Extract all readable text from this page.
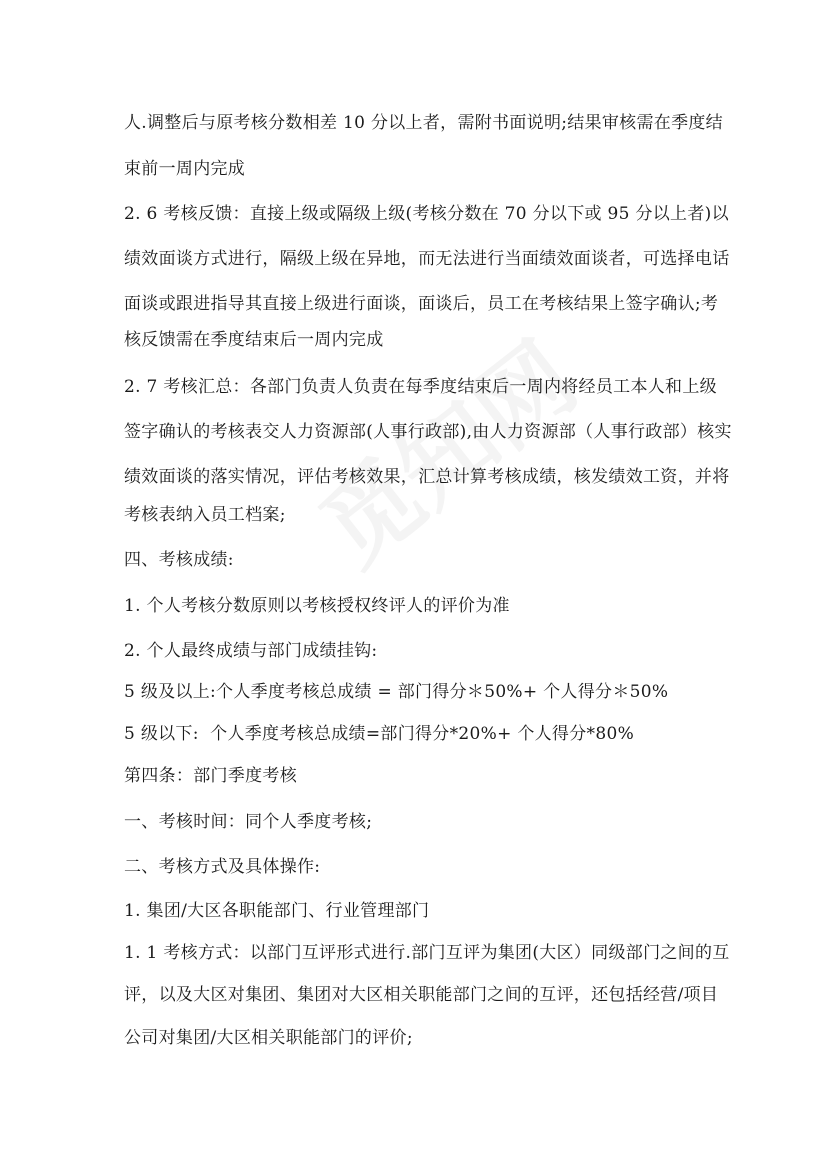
人.调整后与原考核分数相差 10 分以上者，需附书面说明;结果审核需在季度结
束前一周内完成
2. 6 考核反馈：直接上级或隔级上级(考核分数在 70 分以下或 95 分以上者)以
绩效面谈方式进行，隔级上级在异地，而无法进行当面绩效面谈者，可选择电话
面谈或跟进指导其直接上级进行面谈，面谈后，员工在考核结果上签字确认;考
核反馈需在季度结束后一周内完成
2. 7 考核汇总：各部门负责人负责在每季度结束后一周内将经员工本人和上级
签字确认的考核表交人力资源部(人事行政部),由人力资源部（人事行政部）核实
绩效面谈的落实情况，评估考核效果，汇总计算考核成绩，核发绩效工资，并将
考核表纳入员工档案;
四、考核成绩:
1. 个人考核分数原则以考核授权终评人的评价为准
2. 个人最终成绩与部门成绩挂钩:
5 级及以上:个人季度考核总成绩 = 部门得分＊50%+ 个人得分＊50%
5 级以下:  个人季度考核总成绩=部门得分*20%+ 个人得分*80%
第四条：部门季度考核
一、考核时间：同个人季度考核;
二、考核方式及具体操作:
1. 集团/大区各职能部门、行业管理部门
1. 1 考核方式：以部门互评形式进行.部门互评为集团(大区）同级部门之间的互
评，以及大区对集团、集团对大区相关职能部门之间的互评，还包括经营/项目
公司对集团/大区相关职能部门的评价;
